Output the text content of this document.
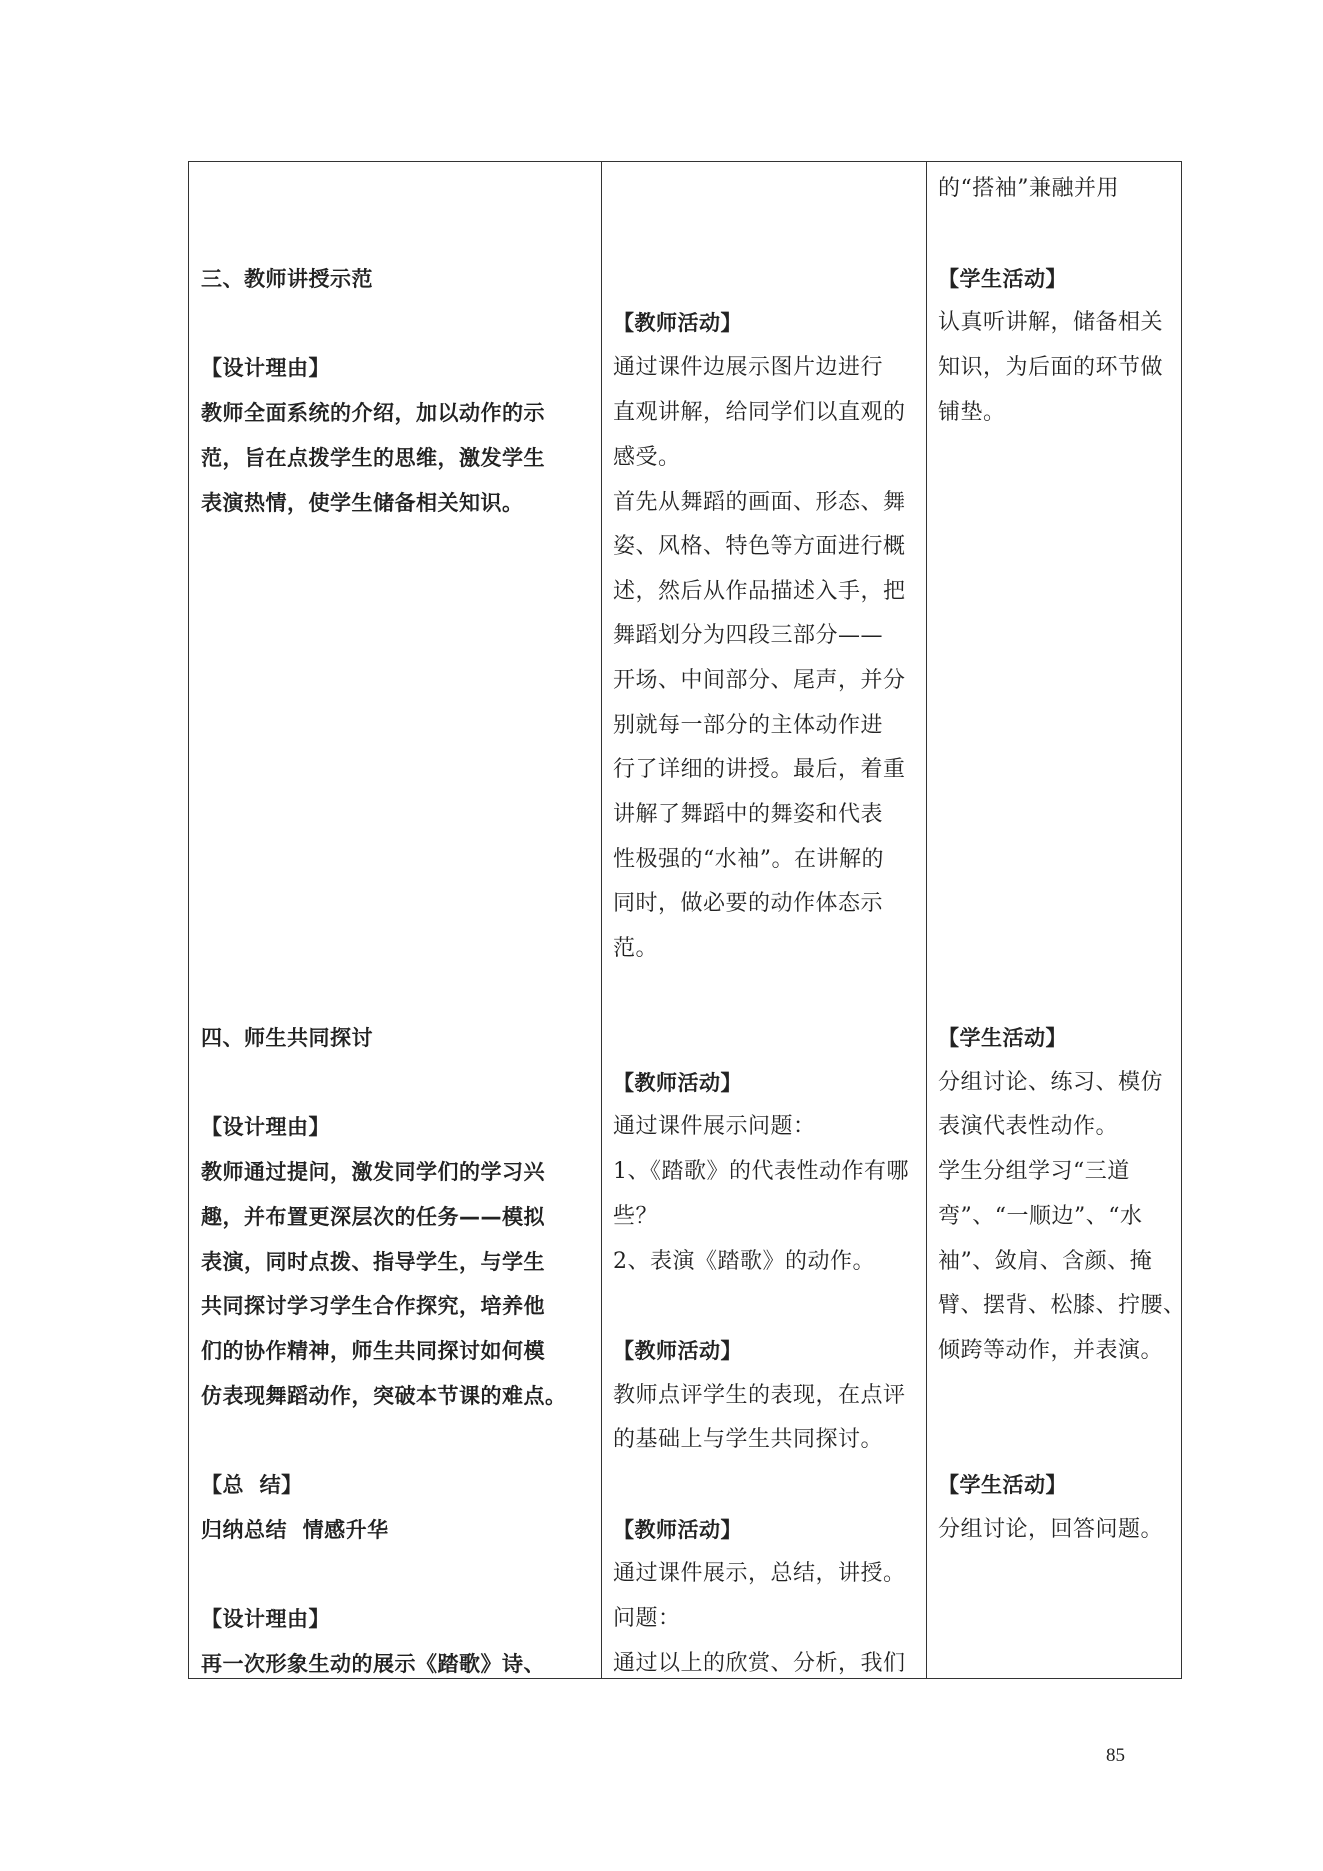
三、教师讲授示范
【设计理由】
教师全面系统的介绍，加以动作的示
范，旨在点拨学生的思维，激发学生
表演热情，使学生储备相关知识。
四、师生共同探讨
【设计理由】
教师通过提问，激发同学们的学习兴
趣，并布置更深层次的任务——模拟
表演，同时点拨、指导学生，与学生
共同探讨学习学生合作探究，培养他
们的协作精神，师生共同探讨如何模
仿表现舞蹈动作，突破本节课的难点。
【总  结】
归纳总结  情感升华
【设计理由】
再一次形象生动的展示《踏歌》诗、
【教师活动】
通过课件边展示图片边进行
直观讲解，给同学们以直观的
感受。
首先从舞蹈的画面、形态、舞
姿、风格、特色等方面进行概
述，然后从作品描述入手，把
舞蹈划分为四段三部分——
开场、中间部分、尾声，并分
别就每一部分的主体动作进
行了详细的讲授。最后，着重
讲解了舞蹈中的舞姿和代表
性极强的“水袖”。在讲解的
同时，做必要的动作体态示
范。
【教师活动】
通过课件展示问题：
1、《踏歌》的代表性动作有哪
些？
2、表演《踏歌》的动作。
【教师活动】
教师点评学生的表现，在点评
的基础上与学生共同探讨。
【教师活动】
通过课件展示，总结，讲授。
问题：
通过以上的欣赏、分析，我们
的“搭袖”兼融并用
【学生活动】
认真听讲解，储备相关
知识，为后面的环节做
铺垫。
【学生活动】
分组讨论、练习、模仿
表演代表性动作。
学生分组学习“三道
弯”、“一顺边”、“水
袖”、敛肩、含颜、掩
臂、摆背、松膝、拧腰、
倾跨等动作，并表演。
【学生活动】
分组讨论，回答问题。
85
